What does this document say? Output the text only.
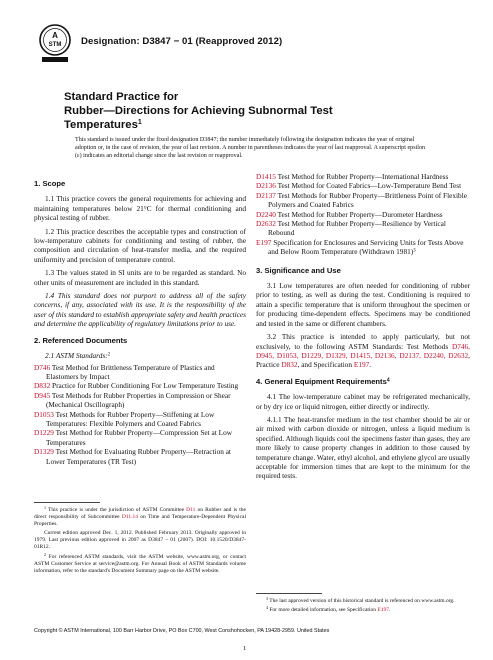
A
STM Designation: D3847 − 01 (Reapproved 2012)
Standard Practice for
Rubber—Directions for Achieving Subnormal Test
Temperatures$^1$
This standard is issued under the fixed designation D3847; the number immediately following the designation indicates the year of original adoption or, in the case of revision, the year of last revision. A number in parentheses indicates the year of last reapproval. A superscript epsilon (ε) indicates an editorial change since the last revision or reapproval.
1. Scope
1.1 This practice covers the general requirements for achieving and maintaining temperatures below 21°C for thermal conditioning and physical testing of rubber.
1.2 This practice describes the acceptable types and construction of low-temperature cabinets for conditioning and testing of rubber, the composition and circulation of heat-transfer media, and the required uniformity and precision of temperature control.
1.3 The values stated in SI units are to be regarded as standard. No other units of measurement are included in this standard.
1.4 This standard does not purport to address all of the safety concerns, if any, associated with its use. It is the responsibility of the user of this standard to establish appropriate safety and health practices and determine the applicability of regulatory limitations prior to use.
2. Referenced Documents
2.1 ASTM Standards:$^2$
D746 Test Method for Brittleness Temperature of Plastics and Elastomers by Impact
D832 Practice for Rubber Conditioning For Low Temperature Testing
D945 Test Methods for Rubber Properties in Compression or Shear (Mechanical Oscillograph)
D1053 Test Methods for Rubber Property—Stiffening at Low Temperatures: Flexible Polymers and Coated Fabrics
D1229 Test Method for Rubber Property—Compression Set at Low Temperatures
D1329 Test Method for Evaluating Rubber Property—Retraction at Lower Temperatures (TR Test)
D1415 Test Method for Rubber Property—International Hardness
D2136 Test Method for Coated Fabrics—Low-Temperature Bend Test
D2137 Test Methods for Rubber Property—Brittleness Point of Flexible Polymers and Coated Fabrics
D2240 Test Method for Rubber Property—Durometer Hardness
D2632 Test Method for Rubber Property—Resilience by Vertical Rebound
E197 Specification for Enclosures and Servicing Units for Tests Above and Below Room Temperature (Withdrawn 1981)$^3$
3. Significance and Use
3.1 Low temperatures are often needed for conditioning of rubber prior to testing, as well as during the test. Conditioning is required to attain a specific temperature that is uniform throughout the specimen or for producing time-dependent effects. Specimens may be conditioned and tested in the same or different chambers.
3.2 This practice is intended to apply particularly, but not exclusively, to the following ASTM Standards: Test Methods D746, D945, D1053, D1229, D1329, D1415, D2136, D2137, D2240, D2632, Practice D832, and Specification E197.
4. General Equipment Requirements$^4$
4.1 The low-temperature cabinet may be refrigerated mechanically, or by dry ice or liquid nitrogen, either directly or indirectly.
4.1.1 The heat-transfer medium in the test chamber should be air or air mixed with carbon dioxide or nitrogen, unless a liquid medium is specified. Although liquids cool the specimens faster than gases, they are more likely to cause property changes in addition to those caused by temperature change. Water, ethyl alcohol, and ethylene glycol are usually acceptable for immersion times that are kept to the minimum for the required tests.
$^1$ This practice is under the jurisdiction of ASTM Committee D11 on Rubber and is the direct responsibility of Subcommittee D11.14 on Time and Temperature-Dependent Physical Properties.
Current edition approved Dec. 1, 2012. Published February 2013. Originally approved in 1979. Last previous edition approved in 2007 as D3847 – 01 (2007). DOI: 10.1520/D3847-01R12.
$^2$ For referenced ASTM standards, visit the ASTM website, www.astm.org, or contact ASTM Customer Service at service@astm.org. For Annual Book of ASTM Standards volume information, refer to the standard's Document Summary page on the ASTM website.
$^3$ The last approved version of this historical standard is referenced on www.astm.org.
$^4$ For more detailed information, see Specification E197.
Copyright © ASTM International, 100 Barr Harbor Drive, PO Box C700, West Conshohocken, PA 19428-2959. United States
1
